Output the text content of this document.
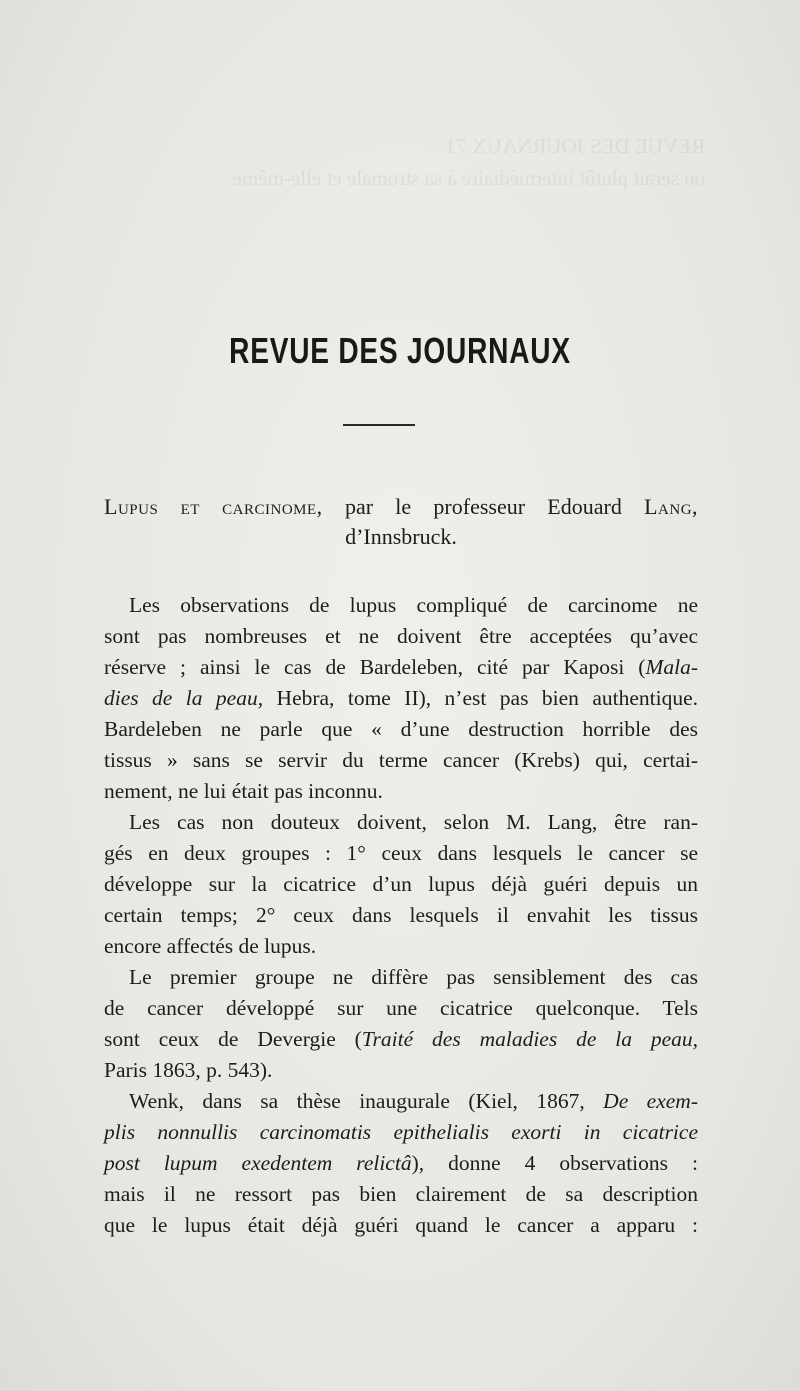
REVUE DES JOURNAUX 71
ou serait plutôt intermédiaire à sa stromale et elle-même
REVUE DES JOURNAUX
Lupus et carcinome, par le professeur Edouard Lang,
d’Innsbruck.
Les observations de lupus compliqué de carcinome ne
sont pas nombreuses et ne doivent être acceptées qu’avec
réserve ; ainsi le cas de Bardeleben, cité par Kaposi (Mala-
dies de la peau, Hebra, tome II), n’est pas bien authentique.
Bardeleben ne parle que « d’une destruction horrible des
tissus » sans se servir du terme cancer (Krebs) qui, certai-
nement, ne lui était pas inconnu.
Les cas non douteux doivent, selon M. Lang, être ran-
gés en deux groupes : 1° ceux dans lesquels le cancer se
développe sur la cicatrice d’un lupus déjà guéri depuis un
certain temps; 2° ceux dans lesquels il envahit les tissus
encore affectés de lupus.
Le premier groupe ne diffère pas sensiblement des cas
de cancer développé sur une cicatrice quelconque. Tels
sont ceux de Devergie (Traité des maladies de la peau,
Paris 1863, p. 543).
Wenk, dans sa thèse inaugurale (Kiel, 1867, De exem-
plis nonnullis carcinomatis epithelialis exorti in cicatrice
post lupum exedentem relictâ), donne 4 observations :
mais il ne ressort pas bien clairement de sa description
que le lupus était déjà guéri quand le cancer a apparu :
